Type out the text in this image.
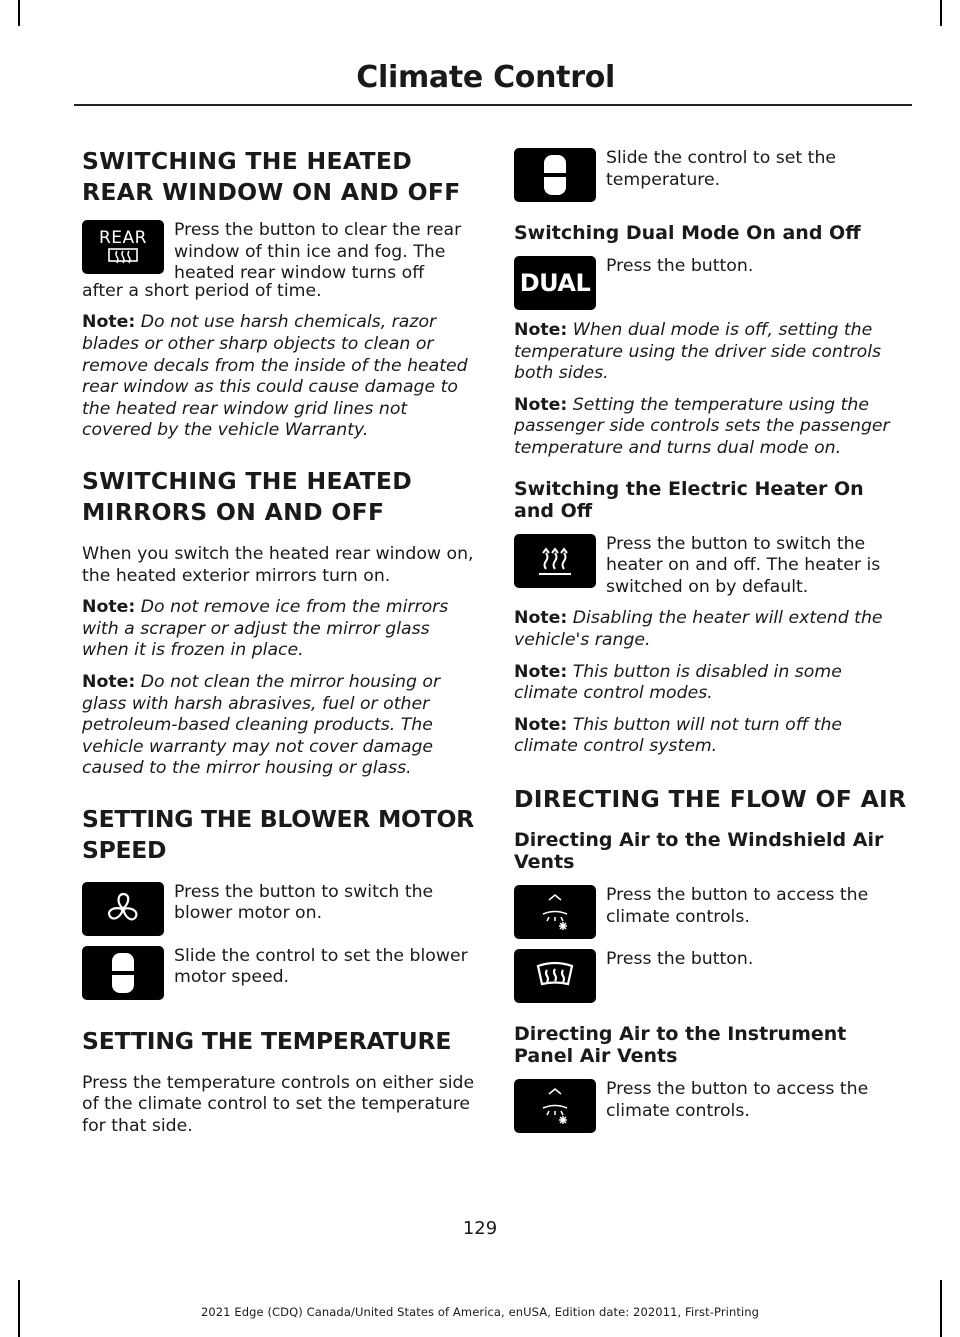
Climate Control
SWITCHING THE HEATED
REAR WINDOW ON AND OFF
REAR	Press the button to clear the rear window of thin ice and fog. The heated rear window turns off

after a short period of time.

Note: Do not use harsh chemicals, razor blades or other sharp objects to clean or remove decals from the inside of the heated rear window as this could cause damage to the heated rear window grid lines not covered by the vehicle Warranty.

SWITCHING THE HEATED
MIRRORS ON AND OFF

When you switch the heated rear window on, the heated exterior mirrors turn on.

Note: Do not remove ice from the mirrors with a scraper or adjust the mirror glass when it is frozen in place.

Note: Do not clean the mirror housing or glass with harsh abrasives, fuel or other petroleum-based cleaning products. The vehicle warranty may not cover damage caused to the mirror housing or glass.

SETTING THE BLOWER MOTOR
SPEED

Press the button to switch the blower motor on.

Slide the control to set the blower motor speed.

SETTING THE TEMPERATURE

Press the temperature controls on either side of the climate control to set the temperature for that side.

Slide the control to set the temperature.

Switching Dual Mode On and Off
DUAL

Press the button.

Note: When dual mode is off, setting the temperature using the driver side controls both sides.

Note: Setting the temperature using the passenger side controls sets the passenger temperature and turns dual mode on.

Switching the Electric Heater On and Off

Press the button to switch the heater on and off. The heater is switched on by default.

Note: Disabling the heater will extend the vehicle's range.

Note: This button is disabled in some climate control modes.

Note: This button will not turn off the climate control system.

DIRECTING THE FLOW OF AIR
Directing Air to the Windshield Air Vents

Press the button to access the climate controls.

Press the button.

Directing Air to the Instrument Panel Air Vents

Press the button to access the climate controls.

129
2021 Edge (CDQ) Canada/United States of America, enUSA, Edition date: 202011, First-Printing
